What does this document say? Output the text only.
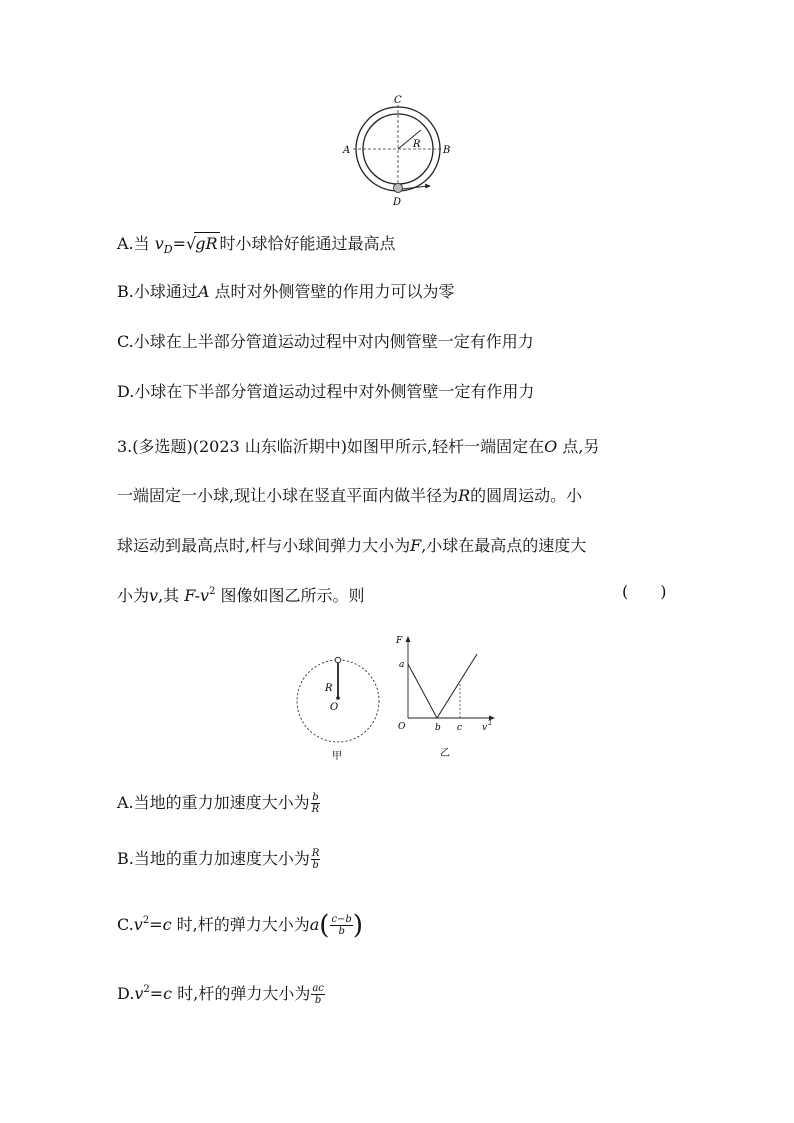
C
A	B
R
D
A.当 $v_D=√gR$ 时小球恰好能通过最高点
B.小球通过A 点时对外侧管壁的作用力可以为零
C.小球在上半部分管道运动过程中对内侧管壁一定有作用力
D.小球在下半部分管道运动过程中对外侧管壁一定有作用力
3.(多选题)(2023 山东临沂期中)如图甲所示,轻杆一端固定在O 点,另
一端固定一小球,现让小球在竖直平面内做半径为R的圆周运动。小
球运动到最高点时,杆与小球间弹力大小为F,小球在最高点的速度大
小为v,其 $F-v^2$ 图像如图乙所示。则	(　　)
R
O
甲
F
a
O	b c v 2
乙
A.当地的重力加速度大小为 $\frac{b}{R}$
B.当地的重力加速度大小为 $\frac{R}{b}$
$C.v^2=c$ 时,杆的弹力大小为$a( \frac{c-b}{b}$ )
$D.v^2=c$ 时,杆的弹力大小为 $\frac{ac}{b}$
